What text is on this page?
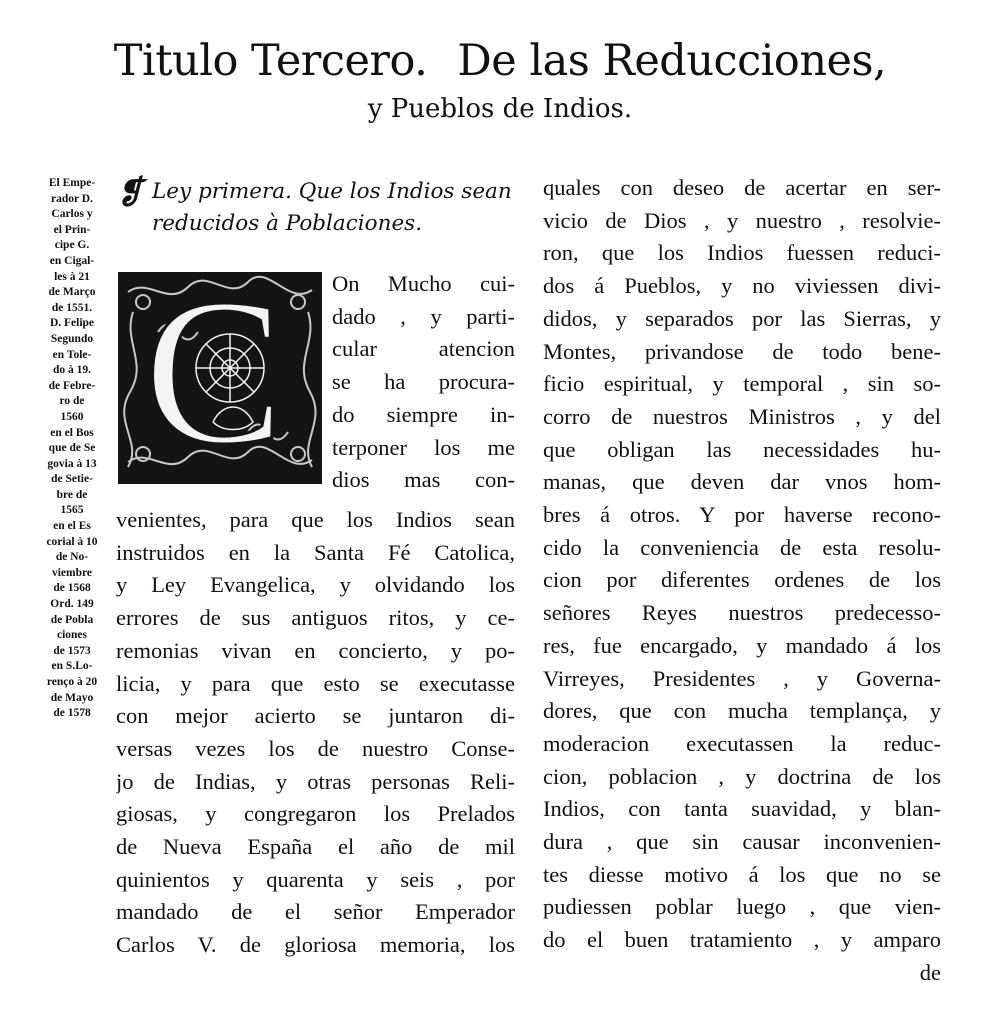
Titulo Tercero. De las Reducciones,
y Pueblos de Indios.
El Empe-
rador D.
Carlos y
el Prin-
cipe G.
en Cigal-
les à 21
de Março
de 1551.
D. Felipe
Segundo
en Tole-
do à 19.
de Febre-
ro de
1560
en el Bos
que de Se
govia à 13
de Setie-
bre de
1565
en el Es
corial à 10
de No-
viembre
de 1568
Ord. 149
de Pobla
ciones
de 1573
en S.Lo-
renço à 20
de Mayo
de 1578
❡ Ley primera. Que los Indios sean
reducidos à Poblaciones.
C On Mucho cui-
dado , y parti-
cular atencion
se ha procura-
do siempre in-
terponer los me
dios mas con-
venientes, para que los Indios sean
instruidos en la Santa Fé Catolica,
y Ley Evangelica, y olvidando los
errores de sus antiguos ritos, y ce-
remonias vivan en concierto, y po-
licia, y para que esto se executasse
con mejor acierto se juntaron di-
versas vezes los de nuestro Conse-
jo de Indias, y otras personas Reli-
giosas, y congregaron los Prelados
de Nueva España el año de mil
quinientos y quarenta y seis , por
mandado de el señor Emperador
Carlos V. de gloriosa memoria, los
quales con deseo de acertar en ser-
vicio de Dios , y nuestro , resolvie-
ron, que los Indios fuessen reduci-
dos á Pueblos, y no viviessen divi-
didos, y separados por las Sierras, y
Montes, privandose de todo bene-
ficio espiritual, y temporal , sin so-
corro de nuestros Ministros , y del
que obligan las necessidades hu-
manas, que deven dar vnos hom-
bres á otros. Y por haverse recono-
cido la conveniencia de esta resolu-
cion por diferentes ordenes de los
señores Reyes nuestros predecesso-
res, fue encargado, y mandado á los
Virreyes, Presidentes , y Governa-
dores, que con mucha templança, y
moderacion executassen la reduc-
cion, poblacion , y doctrina de los
Indios, con tanta suavidad, y blan-
dura , que sin causar inconvenien-
tes diesse motivo á los que no se
pudiessen poblar luego , que vien-
do el buen tratamiento , y amparo
de
